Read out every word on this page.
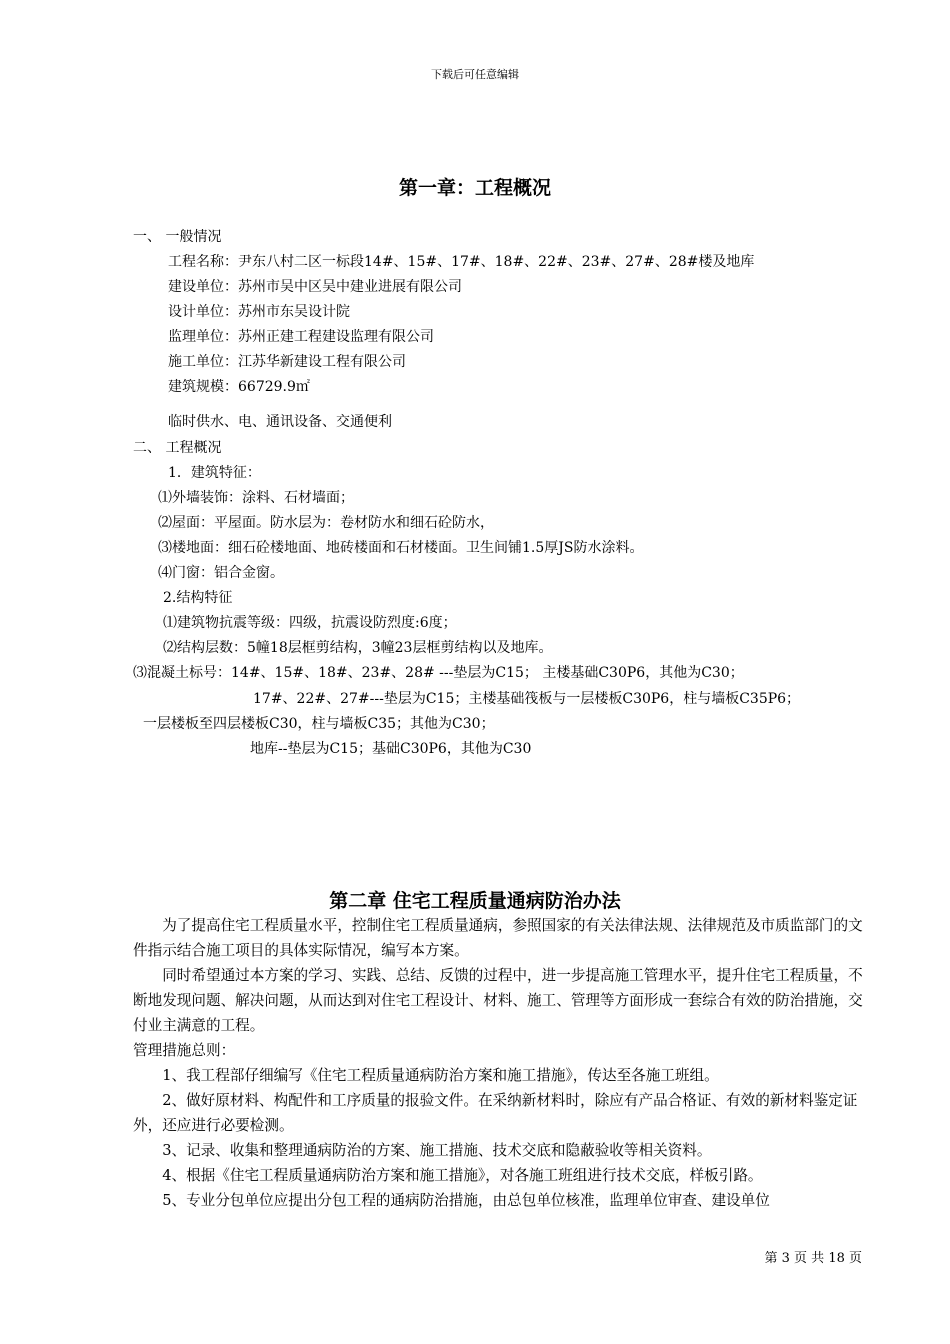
下载后可任意编辑
第一章：工程概况
一、 一般情况
工程名称：尹东八村二区一标段14#、15#、17#、18#、22#、23#、27#、28#楼及地库
建设单位：苏州市吴中区吴中建业进展有限公司
设计单位：苏州市东吴设计院
监理单位：苏州正建工程建设监理有限公司
施工单位：江苏华新建设工程有限公司
建筑规模：66729.9㎡
临时供水、电、通讯设备、交通便利
二、 工程概况
1．建筑特征：
⑴外墙装饰：涂料、石材墙面；
⑵屋面：平屋面。防水层为：卷材防水和细石砼防水，
⑶楼地面：细石砼楼地面、地砖楼面和石材楼面。卫生间铺1.5厚JS防水涂料。
⑷门窗：铝合金窗。
2.结构特征
⑴建筑物抗震等级：四级，抗震设防烈度:6度；
⑵结构层数：5幢18层框剪结构，3幢23层框剪结构以及地库。
⑶混凝土标号：14#、15#、18#、23#、28# ---垫层为C15； 主楼基础C30P6，其他为C30；
17#、22#、27#---垫层为C15；主楼基础筏板与一层楼板C30P6，柱与墙板C35P6；
一层楼板至四层楼板C30，柱与墙板C35；其他为C30；
地库--垫层为C15；基础C30P6，其他为C30
第二章 住宅工程质量通病防治办法
为了提高住宅工程质量水平，控制住宅工程质量通病，参照国家的有关法律法规、法律规范及市质监部门的文件指示结合施工项目的具体实际情况，编写本方案。
同时希望通过本方案的学习、实践、总结、反馈的过程中，进一步提高施工管理水平，提升住宅工程质量，不断地发现问题、解决问题，从而达到对住宅工程设计、材料、施工、管理等方面形成一套综合有效的防治措施，交付业主满意的工程。
管理措施总则：
1、我工程部仔细编写《住宅工程质量通病防治方案和施工措施》，传达至各施工班组。
2、做好原材料、构配件和工序质量的报验文件。在采纳新材料时，除应有产品合格证、有效的新材料鉴定证外，还应进行必要检测。
3、记录、收集和整理通病防治的方案、施工措施、技术交底和隐蔽验收等相关资料。
4、根据《住宅工程质量通病防治方案和施工措施》，对各施工班组进行技术交底，样板引路。
5、专业分包单位应提出分包工程的通病防治措施，由总包单位核准，监理单位审查、建设单位
第 3 页 共 18 页
